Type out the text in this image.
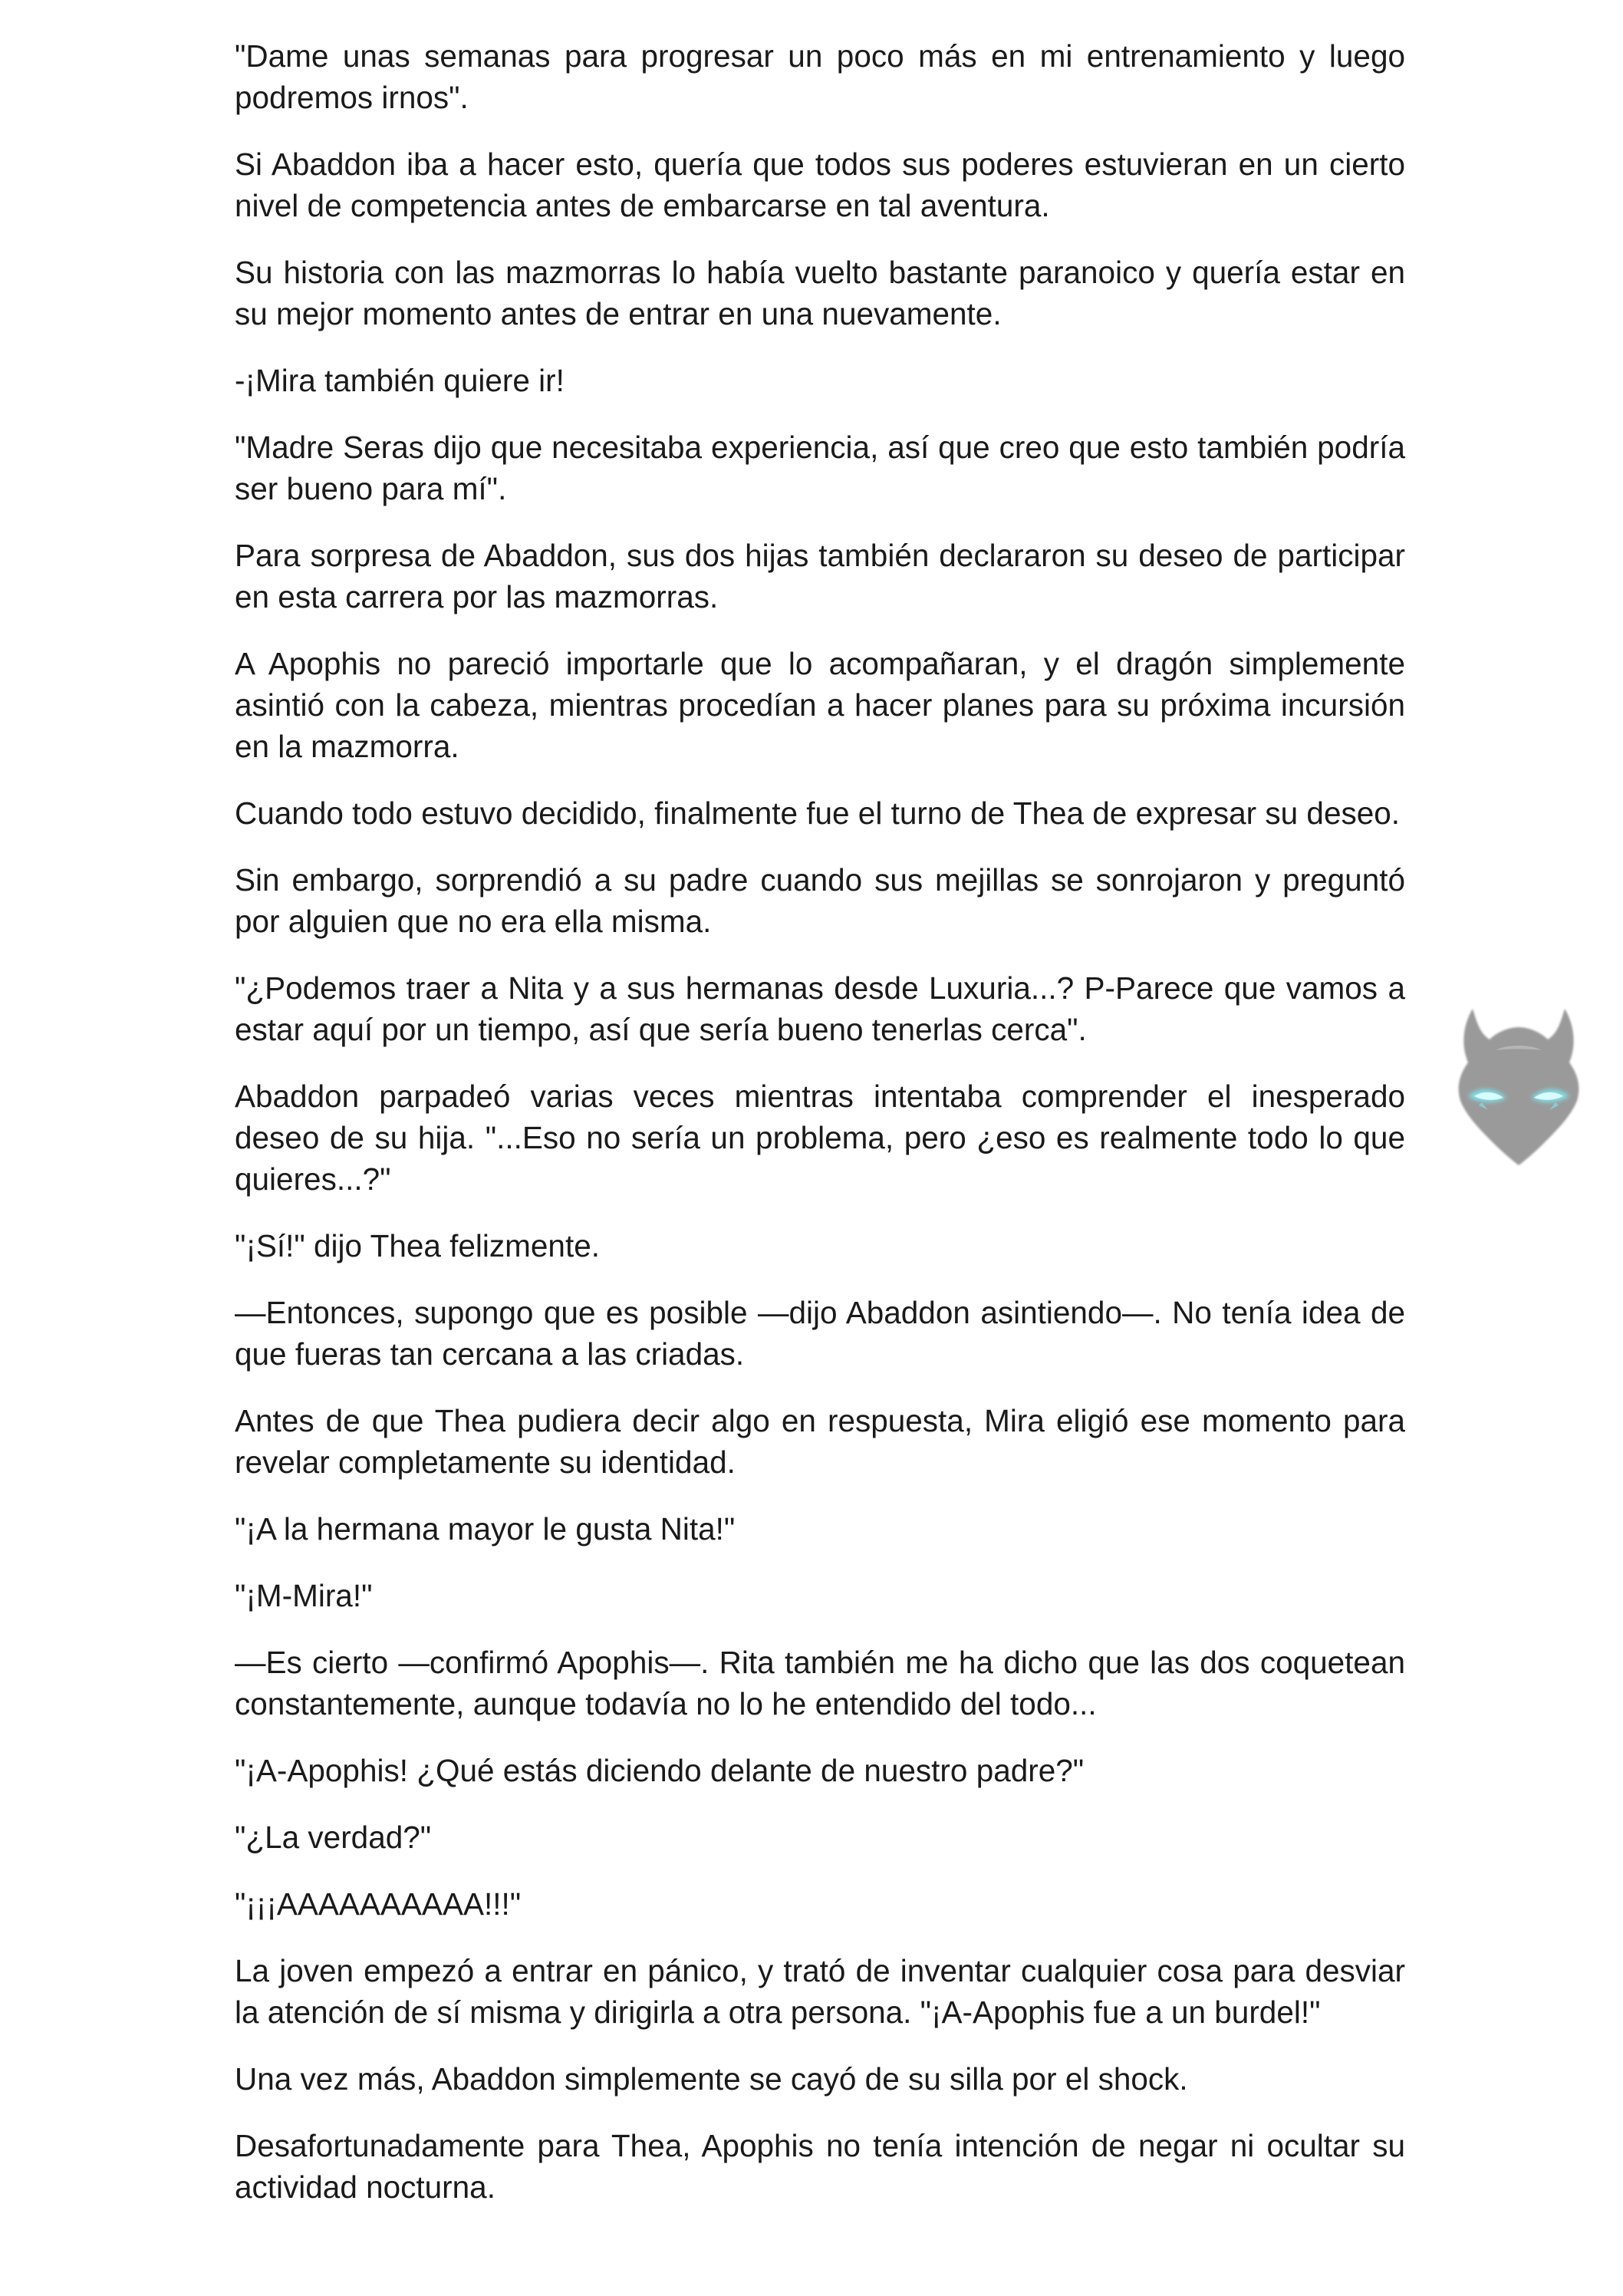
"Dame unas semanas para progresar un poco más en mi entrenamiento y luego podremos irnos".

Si Abaddon iba a hacer esto, quería que todos sus poderes estuvieran en un cierto nivel de competencia antes de embarcarse en tal aventura.

Su historia con las mazmorras lo había vuelto bastante paranoico y quería estar en su mejor momento antes de entrar en una nuevamente.

-¡Mira también quiere ir!

"Madre Seras dijo que necesitaba experiencia, así que creo que esto también podría ser bueno para mí".

Para sorpresa de Abaddon, sus dos hijas también declararon su deseo de participar en esta carrera por las mazmorras.

A Apophis no pareció importarle que lo acompañaran, y el dragón simplemente asintió con la cabeza, mientras procedían a hacer planes para su próxima incursión en la mazmorra.

Cuando todo estuvo decidido, finalmente fue el turno de Thea de expresar su deseo.

Sin embargo, sorprendió a su padre cuando sus mejillas se sonrojaron y preguntó por alguien que no era ella misma.

"¿Podemos traer a Nita y a sus hermanas desde Luxuria...? P-Parece que vamos a estar aquí por un tiempo, así que sería bueno tenerlas cerca".

Abaddon parpadeó varias veces mientras intentaba comprender el inesperado deseo de su hija. "...Eso no sería un problema, pero ¿eso es realmente todo lo que quieres...?"

"¡Sí!" dijo Thea felizmente.

—Entonces, supongo que es posible —dijo Abaddon asintiendo—. No tenía idea de que fueras tan cercana a las criadas.

Antes de que Thea pudiera decir algo en respuesta, Mira eligió ese momento para revelar completamente su identidad.

"¡A la hermana mayor le gusta Nita!"

"¡M-Mira!"

—Es cierto —confirmó Apophis—. Rita también me ha dicho que las dos coquetean constantemente, aunque todavía no lo he entendido del todo...

"¡A-Apophis! ¿Qué estás diciendo delante de nuestro padre?"

"¿La verdad?"

"¡¡¡AAAAAAAAAA!!!"

La joven empezó a entrar en pánico, y trató de inventar cualquier cosa para desviar la atención de sí misma y dirigirla a otra persona. "¡A-Apophis fue a un burdel!"

Una vez más, Abaddon simplemente se cayó de su silla por el shock.

Desafortunadamente para Thea, Apophis no tenía intención de negar ni ocultar su actividad nocturna.
